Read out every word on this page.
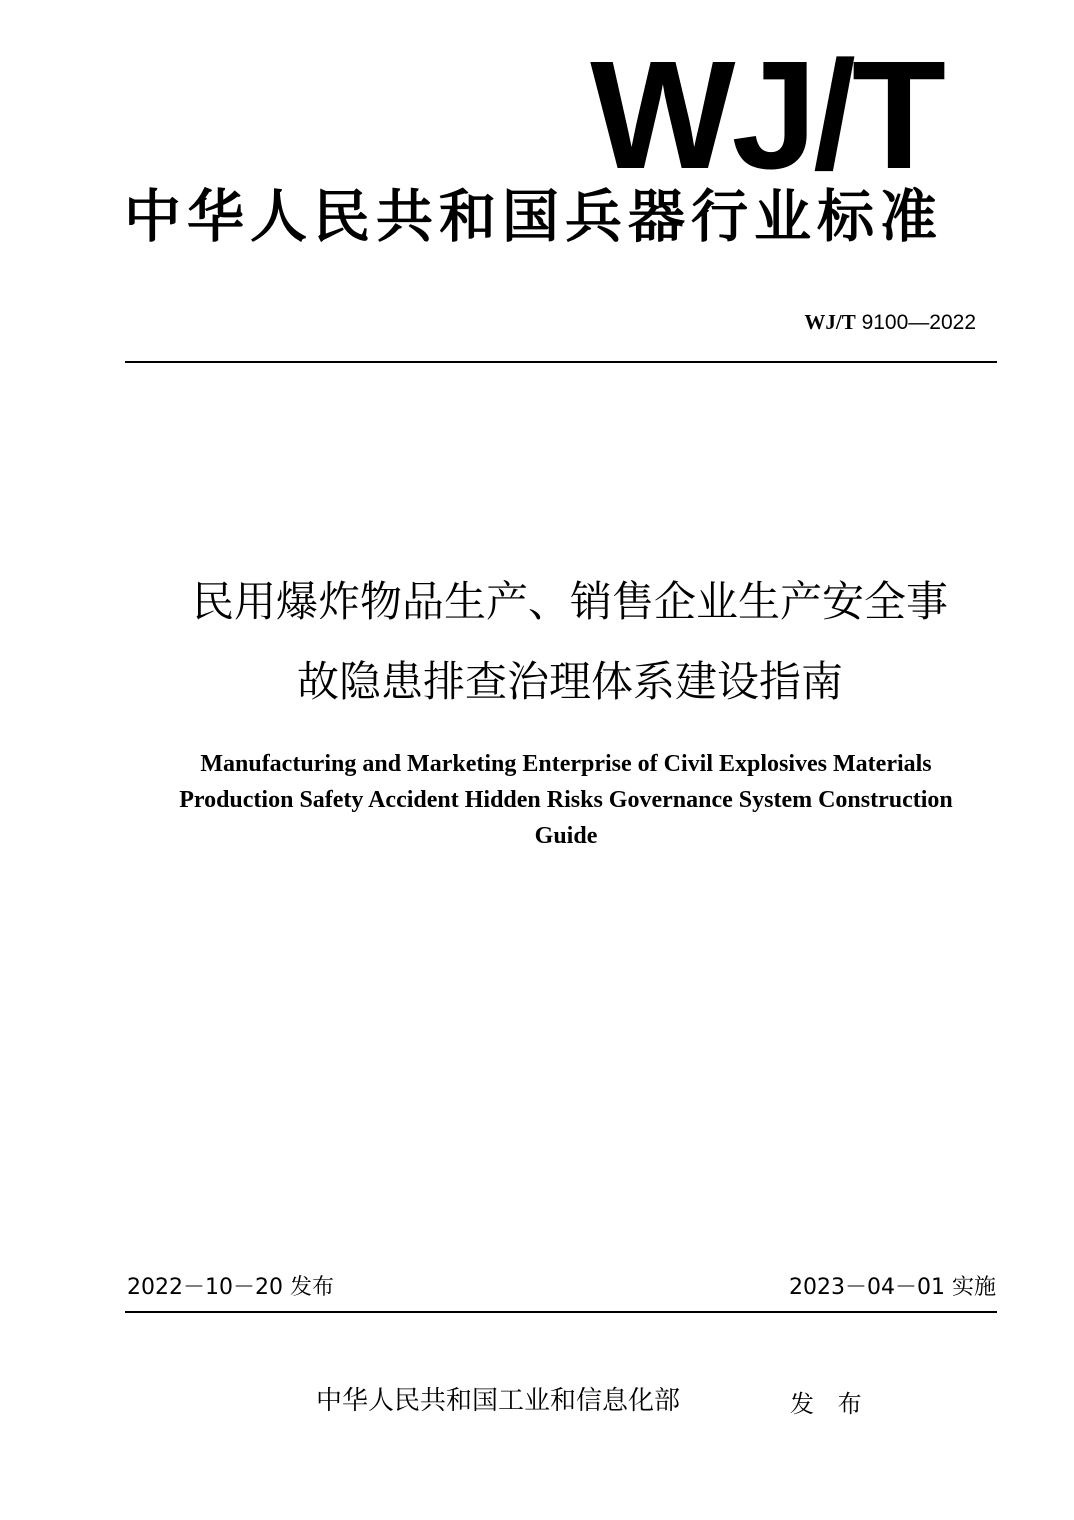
WJ/T
中华人民共和国兵器行业标准
WJ/T 9100—2022
民用爆炸物品生产、销售企业生产安全事
故隐患排查治理体系建设指南
Manufacturing and Marketing Enterprise of Civil Explosives Materials
Production Safety Accident Hidden Risks Governance System Construction
Guide
2022－10－20 发布	2023－04－01 实施
中华人民共和国工业和信息化部	发 布
